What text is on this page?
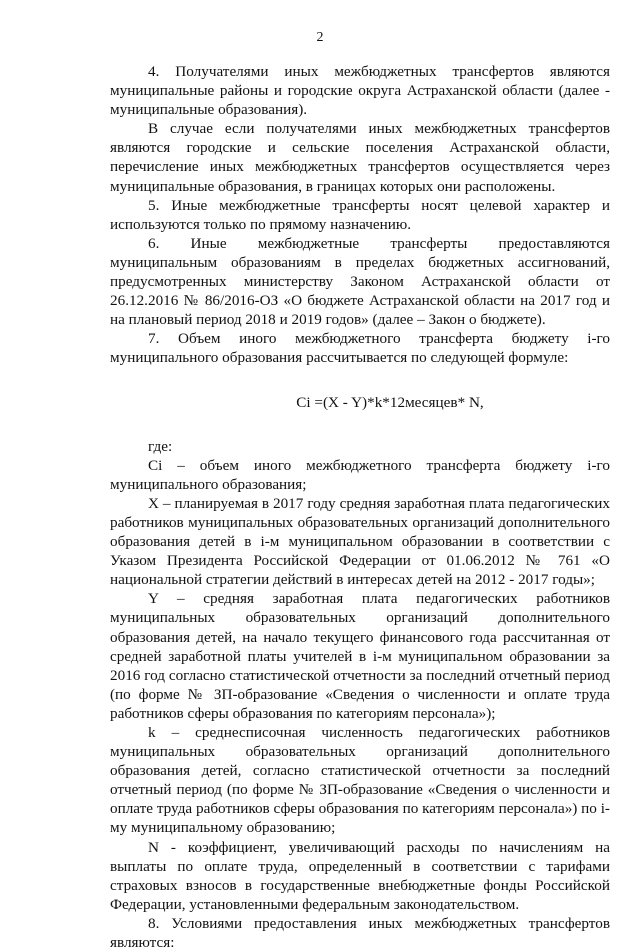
2

4. Получателями иных межбюджетных трансфертов являются муниципальные районы и городские округа Астраханской области (далее - муниципальные образования).

В случае если получателями иных межбюджетных трансфертов являются городские и сельские поселения Астраханской области, перечисление иных межбюджетных трансфертов осуществляется через муниципальные образования, в границах которых они расположены.

5. Иные межбюджетные трансферты носят целевой характер и используются только по прямому назначению.

6. Иные межбюджетные трансферты предоставляются муниципальным образованиям в пределах бюджетных ассигнований, предусмотренных министерству Законом Астраханской области от 26.12.2016 № 86/2016-ОЗ «О бюджете Астраханской области на 2017 год и на плановый период 2018 и 2019 годов» (далее – Закон о бюджете).

7. Объем иного межбюджетного трансферта бюджету i-го муниципального образования рассчитывается по следующей формуле:

Ci =(X - Y)*k*12месяцев* N,

где:

Ci – объем иного межбюджетного трансферта бюджету i-го муниципального образования;

X – планируемая в 2017 году средняя заработная плата педагогических работников муниципальных образовательных организаций дополнительного образования детей в i-м муниципальном образовании в соответствии с Указом Президента Российской Федерации от 01.06.2012 № 761 «О национальной стратегии действий в интересах детей на 2012 - 2017 годы»;

Y – средняя заработная плата педагогических работников муниципальных образовательных организаций дополнительного образования детей, на начало текущего финансового года рассчитанная от средней заработной платы учителей в i-м муниципальном образовании за 2016 год согласно статистической отчетности за последний отчетный период (по форме № ЗП-образование «Сведения о численности и оплате труда работников сферы образования по категориям персонала»);

k – среднесписочная численность педагогических работников муниципальных образовательных организаций дополнительного образования детей, согласно статистической отчетности за последний отчетный период (по форме № ЗП-образование «Сведения о численности и оплате труда работников сферы образования по категориям персонала») по i-му муниципальному образованию;

N - коэффициент, увеличивающий расходы по начислениям на выплаты по оплате труда, определенный в соответствии с тарифами страховых взносов в государственные внебюджетные фонды Российской Федерации, установленными федеральным законодательством.

8. Условиями предоставления иных межбюджетных трансфертов являются:
